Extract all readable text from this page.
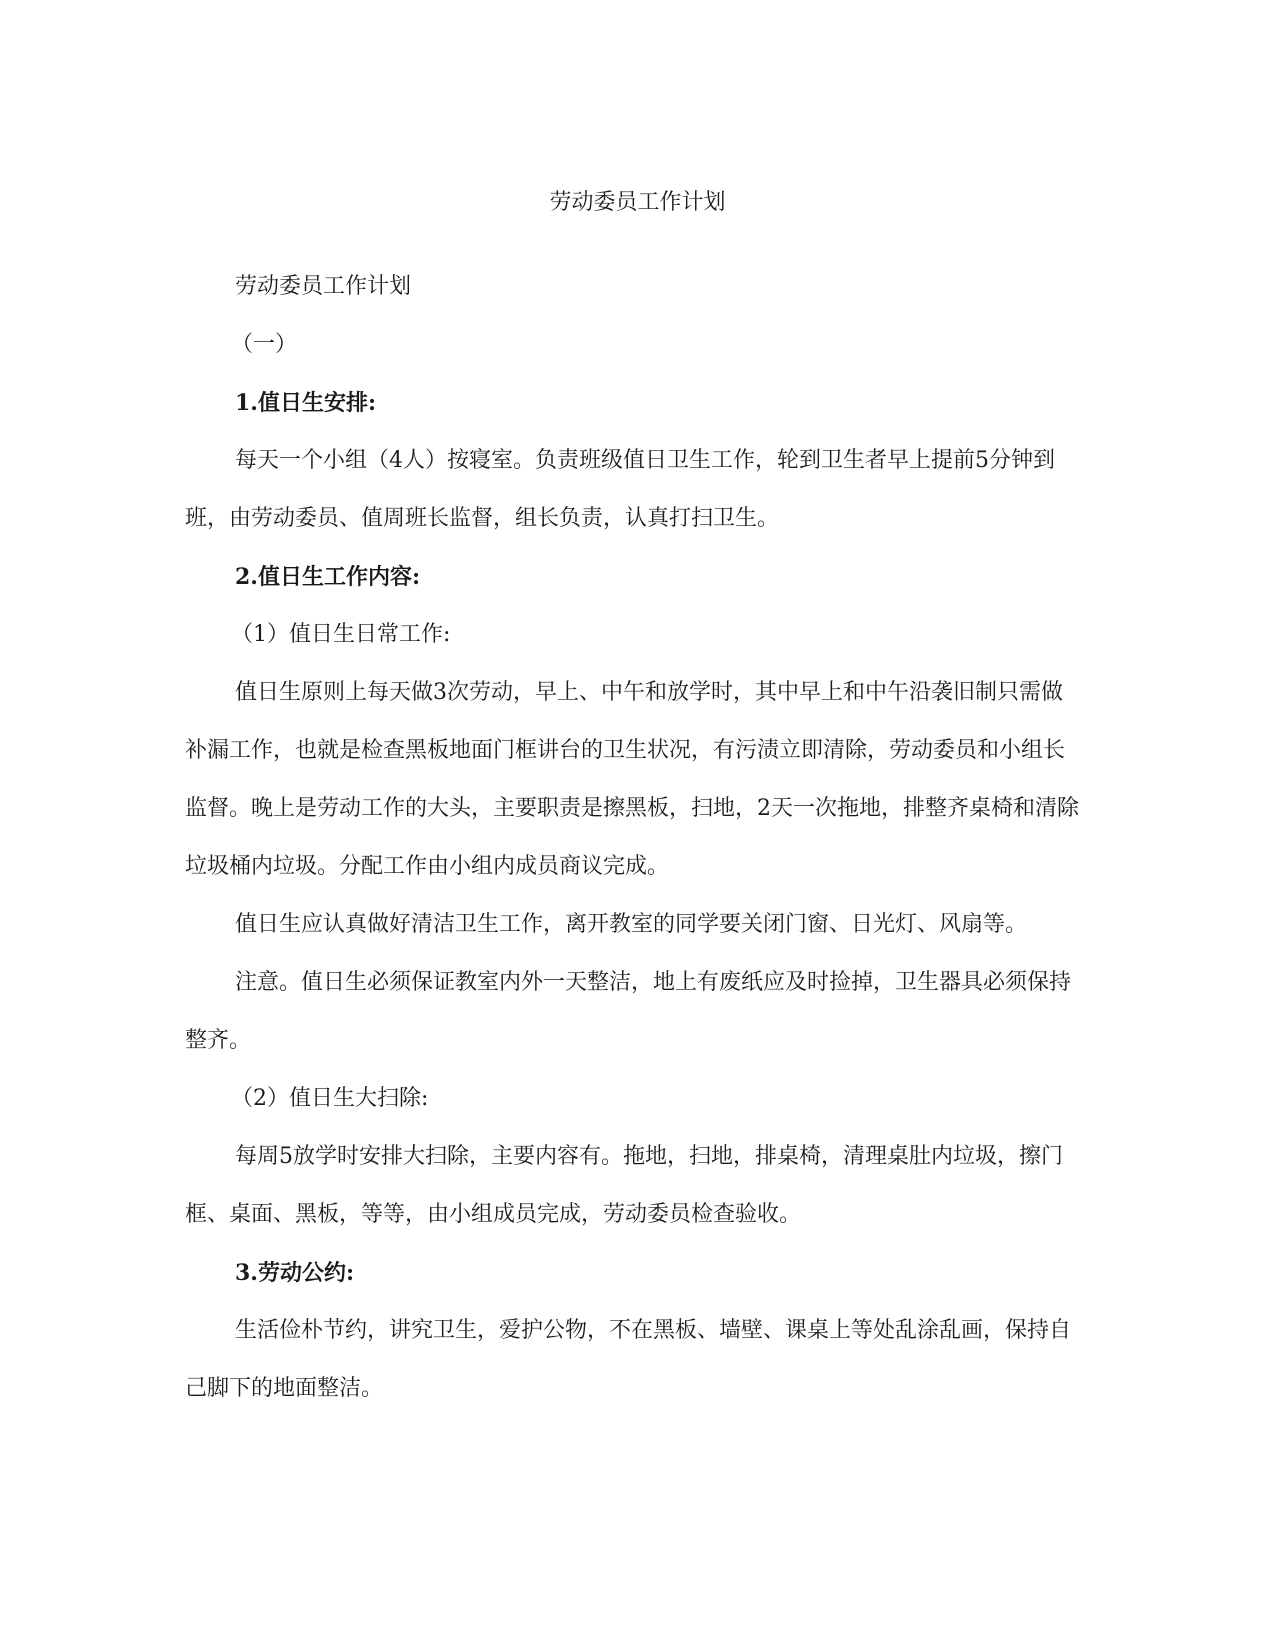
劳动委员工作计划

劳动委员工作计划

（一）

1.值日生安排:

每天一个小组（4人）按寝室。负责班级值日卫生工作，轮到卫生者早上提前5分钟到班，由劳动委员、值周班长监督，组长负责，认真打扫卫生。

2.值日生工作内容:

（1）值日生日常工作:

值日生原则上每天做3次劳动，早上、中午和放学时，其中早上和中午沿袭旧制只需做补漏工作，也就是检查黑板地面门框讲台的卫生状况，有污渍立即清除，劳动委员和小组长监督。晚上是劳动工作的大头，主要职责是擦黑板，扫地，2天一次拖地，排整齐桌椅和清除垃圾桶内垃圾。分配工作由小组内成员商议完成。

值日生应认真做好清洁卫生工作，离开教室的同学要关闭门窗、日光灯、风扇等。

注意。值日生必须保证教室内外一天整洁，地上有废纸应及时捡掉，卫生器具必须保持整齐。

（2）值日生大扫除:

每周5放学时安排大扫除，主要内容有。拖地，扫地，排桌椅，清理桌肚内垃圾，擦门框、桌面、黑板，等等，由小组成员完成，劳动委员检查验收。

3.劳动公约:

生活俭朴节约，讲究卫生，爱护公物，不在黑板、墙壁、课桌上等处乱涂乱画，保持自己脚下的地面整洁。
